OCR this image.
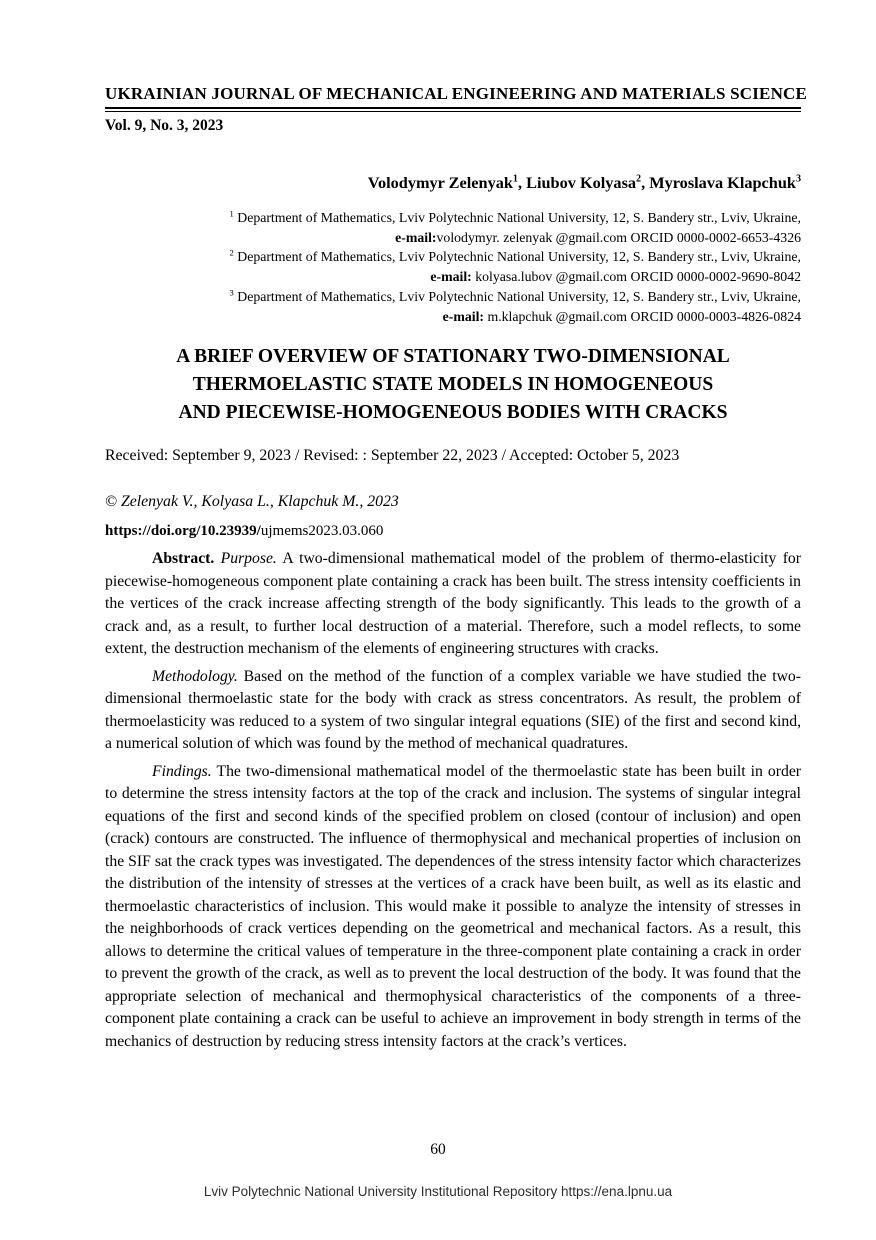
UKRAINIAN JOURNAL OF MECHANICAL ENGINEERING AND MATERIALS SCIENCE
Vol. 9, No. 3, 2023
Volodymyr Zelenyak$^1$, Liubov Kolyasa$^2$, Myroslava Klapchuk$^3$
$^1$ Department of Mathematics, Lviv Polytechnic National University, 12, S. Bandery str., Lviv, Ukraine,
e-mail:volodymyr. zelenyak @gmail.com ORCID 0000-0002-6653-4326
$^2$ Department of Mathematics, Lviv Polytechnic National University, 12, S. Bandery str., Lviv, Ukraine,
e-mail: kolyasa.lubov @gmail.com ORCID 0000-0002-9690-8042
$^3$ Department of Mathematics, Lviv Polytechnic National University, 12, S. Bandery str., Lviv, Ukraine,
e-mail: m.klapchuk @gmail.com ORCID 0000-0003-4826-0824
A BRIEF OVERVIEW OF STATIONARY TWO-DIMENSIONAL
THERMOELASTIC STATE MODELS IN HOMOGENEOUS
AND PIECEWISE-HOMOGENEOUS BODIES WITH CRACKS
Received: September 9, 2023 / Revised: : September 22, 2023 / Accepted: October 5, 2023
© Zelenyak V., Kolyasa L., Klapchuk M., 2023
https://doi.org/10.23939/ujmems2023.03.060

Abstract. Purpose. A two-dimensional mathematical model of the problem of thermo-elasticity for piecewise-homogeneous component plate containing a crack has been built. The stress intensity coefficients in the vertices of the crack increase affecting strength of the body significantly. This leads to the growth of a crack and, as a result, to further local destruction of a material. Therefore, such a model reflects, to some extent, the destruction mechanism of the elements of engineering structures with cracks.

Methodology. Based on the method of the function of a complex variable we have studied the two-dimensional thermoelastic state for the body with crack as stress concentrators. As result, the problem of thermoelasticity was reduced to a system of two singular integral equations (SIE) of the first and second kind, a numerical solution of which was found by the method of mechanical quadratures.

Findings. The two-dimensional mathematical model of the thermoelastic state has been built in order to determine the stress intensity factors at the top of the crack and inclusion. The systems of singular integral equations of the first and second kinds of the specified problem on closed (contour of inclusion) and open (crack) contours are constructed. The influence of thermophysical and mechanical properties of inclusion on the SIF sat the crack types was investigated. The dependences of the stress intensity factor which characterizes the distribution of the intensity of stresses at the vertices of a crack have been built, as well as its elastic and thermoelastic characteristics of inclusion. This would make it possible to analyze the intensity of stresses in the neighborhoods of crack vertices depending on the geometrical and mechanical factors. As a result, this allows to determine the critical values of temperature in the three-component plate containing a crack in order to prevent the growth of the crack, as well as to prevent the local destruction of the body. It was found that the appropriate selection of mechanical and thermophysical characteristics of the components of a three-component plate containing a crack can be useful to achieve an improvement in body strength in terms of the mechanics of destruction by reducing stress intensity factors at the crack’s vertices.

60
Lviv Polytechnic National University Institutional Repository https://ena.lpnu.ua
